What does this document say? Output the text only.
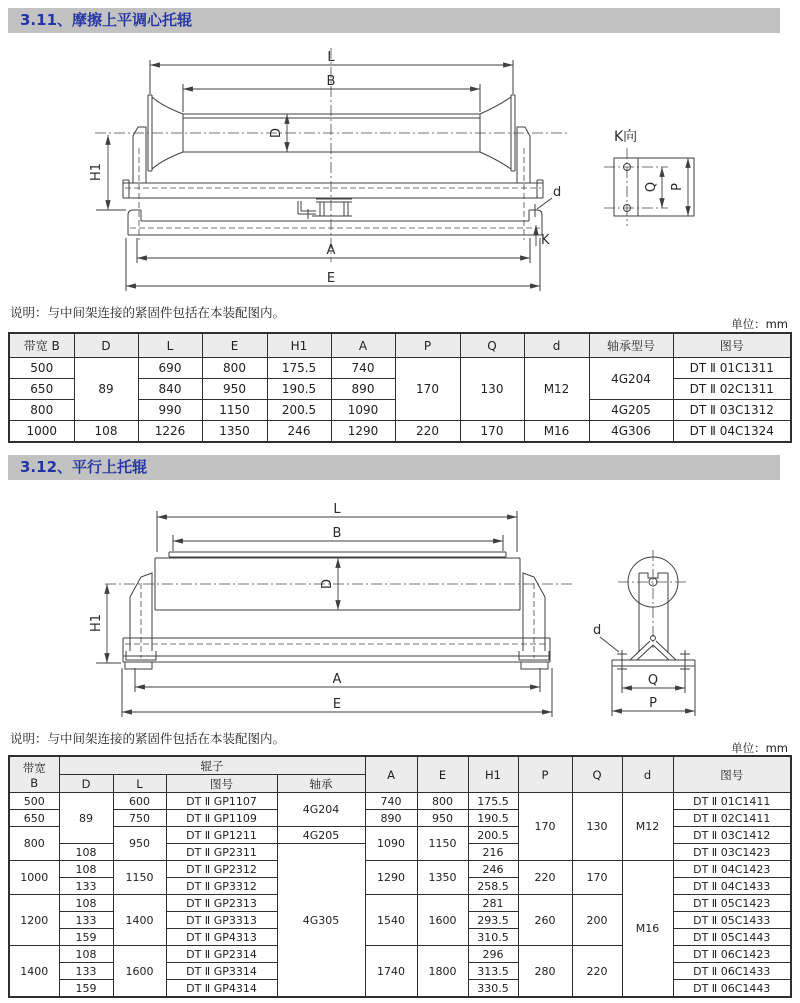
3.11、摩擦上平调心托辊
L
B
D
H1
A
E
d
K
K向
Q P
说明：与中间架连接的紧固件包括在本装配图内。
单位：mm
带宽 B	D	L	E	H1	A	P	Q	d	轴承型号	图号
500	89	690	800	175.5	740	170	130	M12	4G204	DT Ⅱ 01C1311
650		840	950	190.5	890					DT Ⅱ 02C1311
800		990	1150	200.5	1090				4G205	DT Ⅱ 03C1312
1000	108	1226	1350	246	1290	220	170	M16	4G306	DT Ⅱ 04C1324
3.12、平行上托辊
L
B
D
H1
A
E
d
Q
P
说明：与中间架连接的紧固件包括在本装配图内。
单位：mm
带宽
B	辊子				A	E	H1	P	Q	d	图号
	D	L	图号	轴承							
500	89	600	DT Ⅱ GP1107	4G204	740	800	175.5	170	130	M12	DT Ⅱ 01C1411
650		750	DT Ⅱ GP1109		890	950	190.5				DT Ⅱ 02C1411
800		950	DT Ⅱ GP1211	4G205	1090	1150	200.5				DT Ⅱ 03C1412
	108		DT Ⅱ GP2311	4G305			216				DT Ⅱ 03C1423
1000	108	1150	DT Ⅱ GP2312		1290	1350	246	220	170	M16	DT Ⅱ 04C1423
	133		DT Ⅱ GP3312				258.5				DT Ⅱ 04C1433
1200	108	1400	DT Ⅱ GP2313		1540	1600	281	260	200		DT Ⅱ 05C1423
	133		DT Ⅱ GP3313				293.5				DT Ⅱ 05C1433
	159		DT Ⅱ GP4313				310.5				DT Ⅱ 05C1443
1400	108	1600	DT Ⅱ GP2314		1740	1800	296	280	220		DT Ⅱ 06C1423
	133		DT Ⅱ GP3314				313.5				DT Ⅱ 06C1433
	159		DT Ⅱ GP4314				330.5				DT Ⅱ 06C1443
